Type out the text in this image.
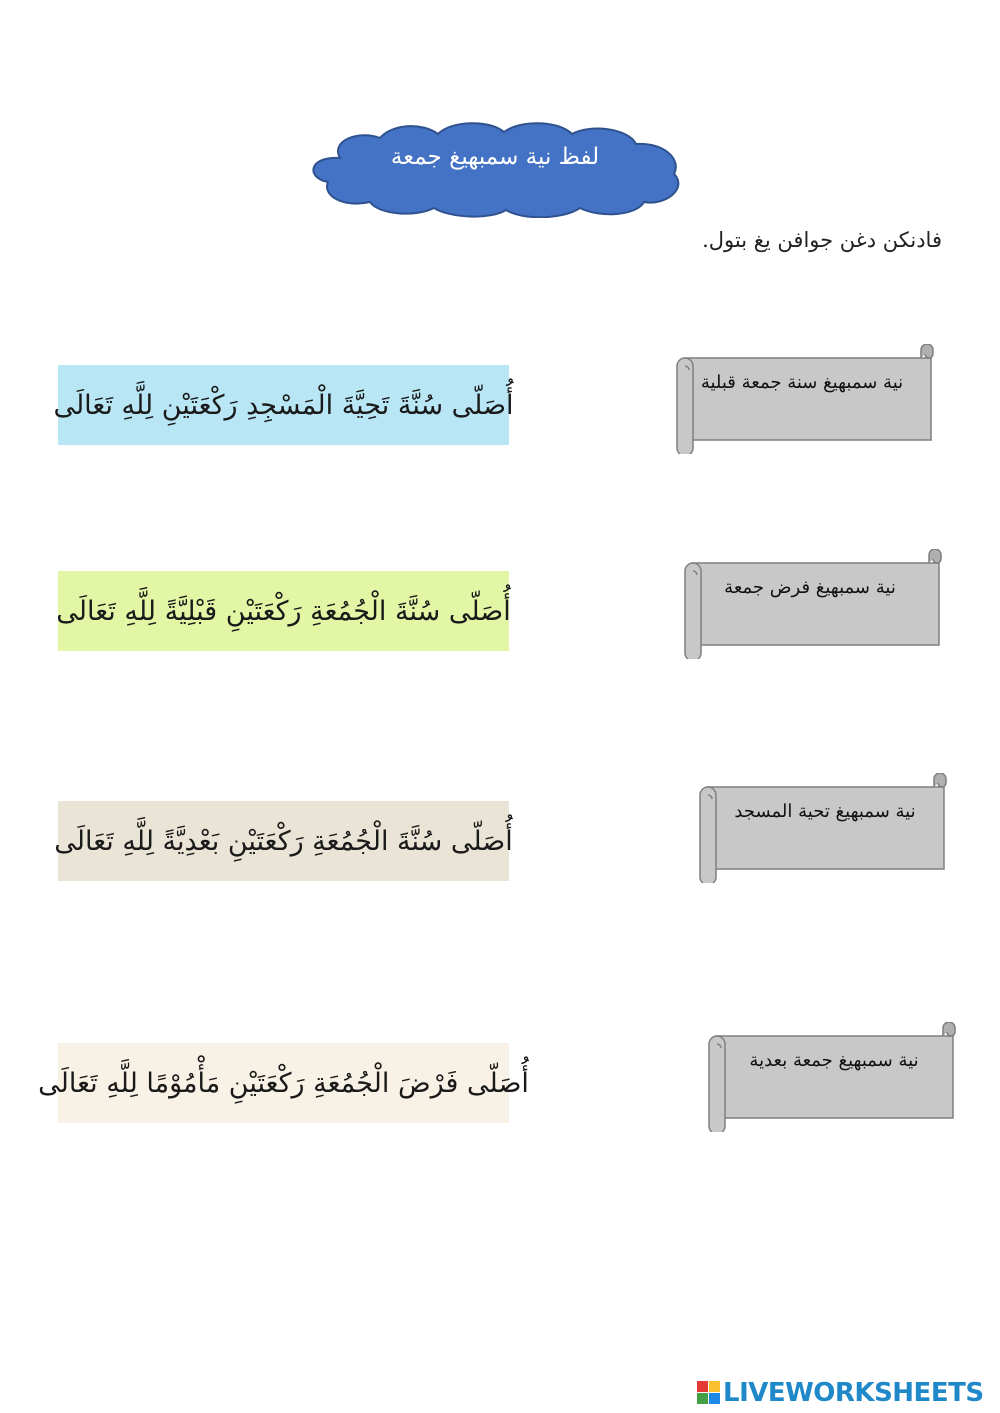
لفظ نية سمبهيغ جمعة
فادنكن دغن جوافن يغ بتول.
أُصَلّى سُنَّةَ تَحِيَّةَ الْمَسْجِدِ رَكْعَتَيْنِ لِلَّهِ تَعَالَى
أُصَلّى سُنَّةَ الْجُمُعَةِ رَكْعَتَيْنِ قَبْلِيَّةً لِلَّهِ تَعَالَى
أُصَلّى سُنَّةَ الْجُمُعَةِ رَكْعَتَيْنِ بَعْدِيَّةً لِلَّهِ تَعَالَى
أُصَلّى فَرْضَ الْجُمُعَةِ رَكْعَتَيْنِ مَأْمُوْمًا لِلَّهِ تَعَالَى
نية سمبهيغ سنة جمعة قبلية
نية سمبهيغ فرض جمعة
نية سمبهيغ تحية المسجد
نية سمبهيغ جمعة بعدية
LIVEWORKSHEETS
